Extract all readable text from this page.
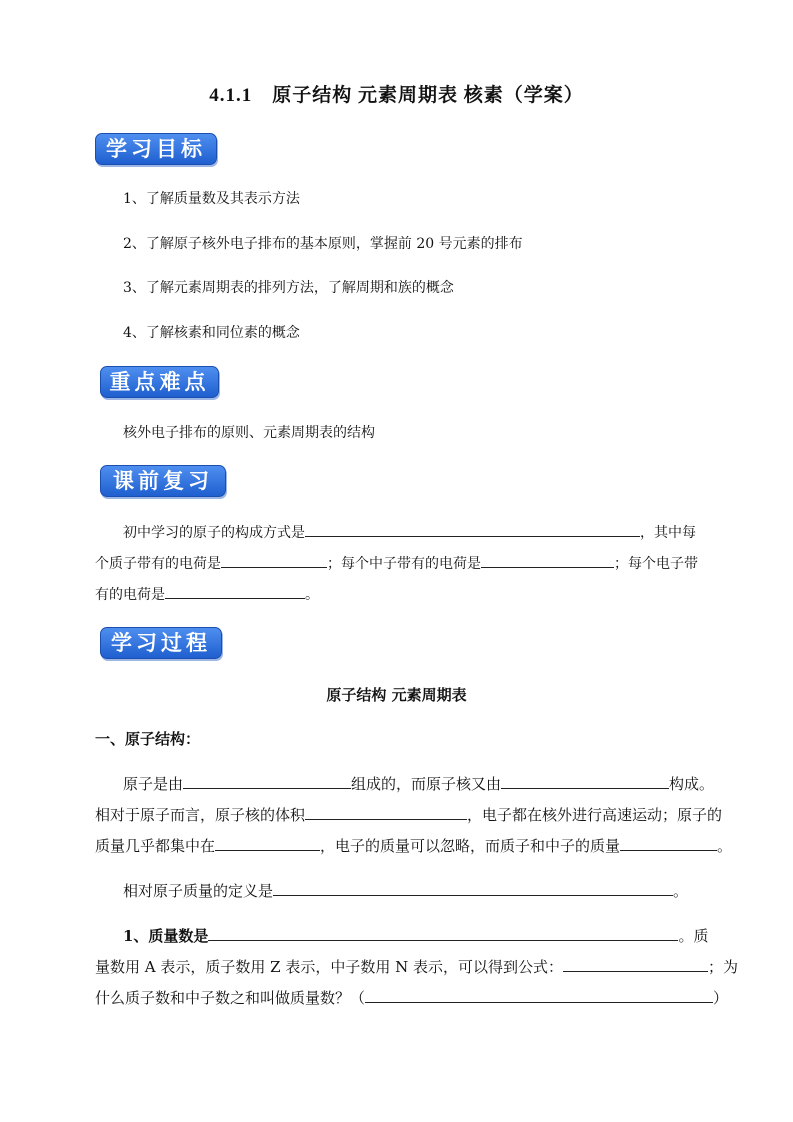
4.1.1　原子结构 元素周期表 核素（学案）
学习目标
1、了解质量数及其表示方法
2、了解原子核外电子排布的基本原则，掌握前 20 号元素的排布
3、了解元素周期表的排列方法，了解周期和族的概念
4、了解核素和同位素的概念
重点难点
核外电子排布的原则、元素周期表的结构
课前复习
初中学习的原子的构成方式是	，其中每
个质子带有的电荷是	；每个中子带有的电荷是	；每个电子带
有的电荷是	。
学习过程
原子结构 元素周期表
一、原子结构：
原子是由	组成的，而原子核又由	构成。
相对于原子而言，原子核的体积	，电子都在核外进行高速运动；原子的
质量几乎都集中在	，电子的质量可以忽略，而质子和中子的质量	。
相对原子质量的定义是	。
1、质量数是	。质
量数用 A 表示，质子数用 Z 表示，中子数用 N 表示，可以得到公式：	；为
什么质子数和中子数之和叫做质量数？（	）
